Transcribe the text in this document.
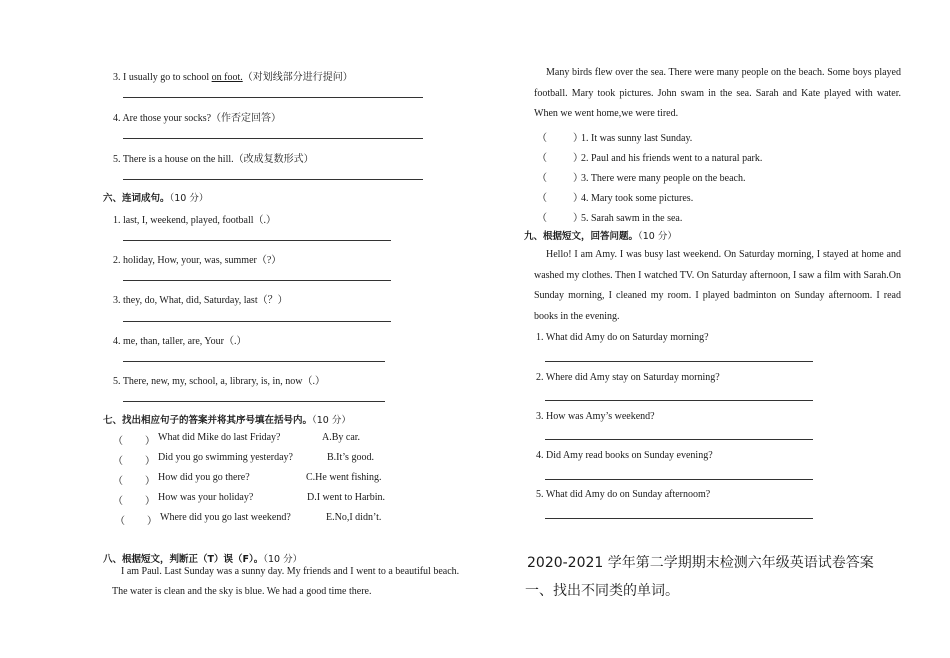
3. I usually go to school on foot.（对划线部分进行提问）
4. Are those your socks?（作否定回答）
5. There is a house on the hill.（改成复数形式）
六、连词成句。（10 分）
1. last, I, weekend, played, football（.）
2. holiday, How, your, was, summer（?）
3. they, do, What, did, Saturday, last（？）
4. me, than, taller, are, Your（.）
5. There, new, my, school, a, library, is, in, now（.）
七、找出相应句子的答案并将其序号填在括号内。（10 分）
（ ） What did Mike do last Friday?	A.By car.
（ ） Did you go swimming yesterday?	B.It’s good.
（ ） How did you go there?	C.He went fishing.
（ ） How was your holiday?	D.I went to Harbin.
（ ） Where did you go last weekend?	E.No,I didn’t.
八、根据短文，判断正（T）误（F）。（10 分）
I am Paul. Last Sunday was a sunny day. My friends and I went to a beautiful beach.
The water is clean and the sky is blue. We had a good time there.
Many birds flew over the sea. There were many people on the beach. Some boys played football. Mary took pictures. John swam in the sea. Sarah and Kate played with water. When we went home,we were tired.
（	）1. It was sunny last Sunday.
（	）2. Paul and his friends went to a natural park.
（	）3. There were many people on the beach.
（	）4. Mary took some pictures.
（	）5. Sarah sawm in the sea.
九、根据短文，回答问题。（10 分）
Hello! I am Amy. I was busy last weekend. On Saturday morning, I stayed at home and washed my clothes. Then I watched TV. On Saturday afternoon, I saw a film with Sarah.On Sunday morning, I cleaned my room. I played badminton on Sunday afternoom. I read books in the evening.
1. What did Amy do on Saturday morning?
2. Where did Amy stay on Saturday morning?
3. How was Amy’s weekend?
4. Did Amy read books on Sunday evening?
5. What did Amy do on Sunday afternoom?
2020-2021 学年第二学期期末检测六年级英语试卷答案
一、找出不同类的单词。
